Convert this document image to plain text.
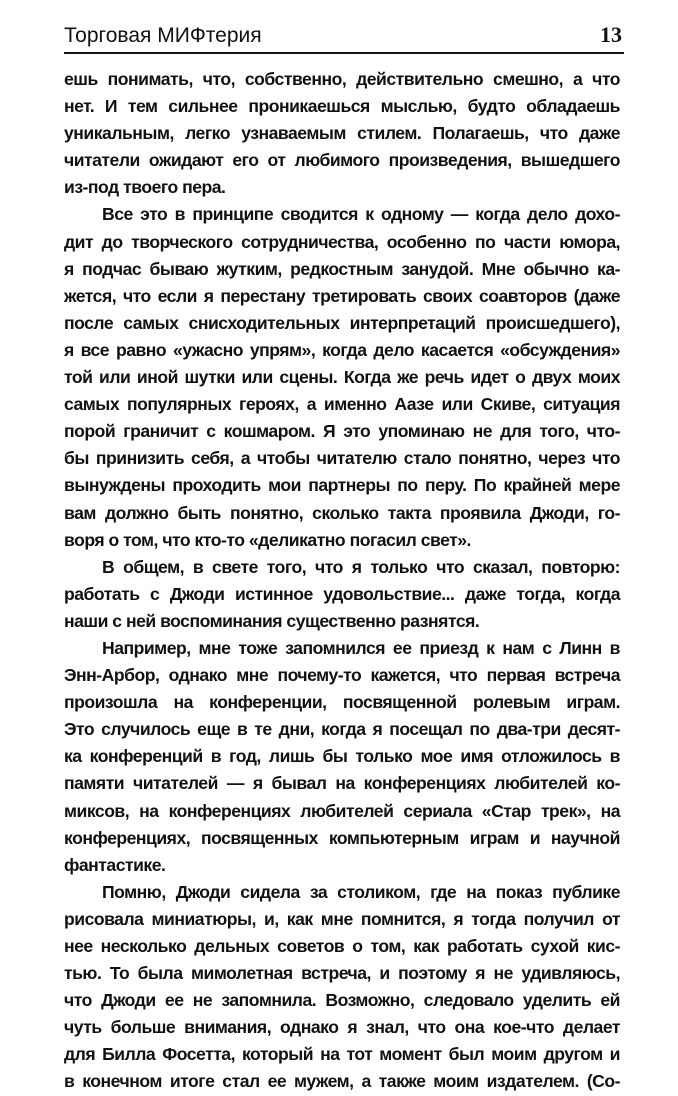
Торговая МИФтерия	13
ешь понимать, что, собственно, действительно смешно, а что
нет. И тем сильнее проникаешься мыслью, будто обладаешь
уникальным, легко узнаваемым стилем. Полагаешь, что даже
читатели ожидают его от любимого произведения, вышедшего
из-под твоего пера.
Все это в принципе сводится к одному — когда дело дохо-
дит до творческого сотрудничества, особенно по части юмора,
я подчас бываю жутким, редкостным занудой. Мне обычно ка-
жется, что если я перестану третировать своих соавторов (даже
после самых снисходительных интерпретаций происшедшего),
я все равно «ужасно упрям», когда дело касается «обсуждения»
той или иной шутки или сцены. Когда же речь идет о двух моих
самых популярных героях, а именно Аазе или Скиве, ситуация
порой граничит с кошмаром. Я это упоминаю не для того, что-
бы принизить себя, а чтобы читателю стало понятно, через что
вынуждены проходить мои партнеры по перу. По крайней мере
вам должно быть понятно, сколько такта проявила Джоди, го-
воря о том, что кто-то «деликатно погасил свет».
В общем, в свете того, что я только что сказал, повторю:
работать с Джоди истинное удовольствие... даже тогда, когда
наши с ней воспоминания существенно разнятся.
Например, мне тоже запомнился ее приезд к нам с Линн в
Энн-Арбор, однако мне почему-то кажется, что первая встреча
произошла на конференции, посвященной ролевым играм.
Это случилось еще в те дни, когда я посещал по два-три десят-
ка конференций в год, лишь бы только мое имя отложилось в
памяти читателей — я бывал на конференциях любителей ко-
миксов, на конференциях любителей сериала «Стар трек», на
конференциях, посвященных компьютерным играм и научной
фантастике.
Помню, Джоди сидела за столиком, где на показ публике
рисовала миниатюры, и, как мне помнится, я тогда получил от
нее несколько дельных советов о том, как работать сухой кис-
тью. То была мимолетная встреча, и поэтому я не удивляюсь,
что Джоди ее не запомнила. Возможно, следовало уделить ей
чуть больше внимания, однако я знал, что она кое-что делает
для Билла Фосетта, который на тот момент был моим другом и
в конечном итоге стал ее мужем, а также моим издателем. (Со-
